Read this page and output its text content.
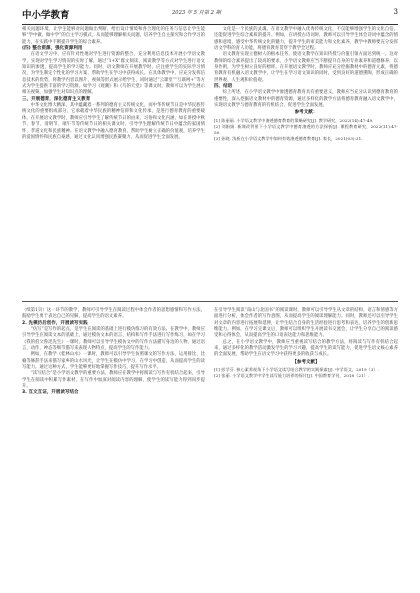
中小学教育	2023 年 5 月第 2 期	3

相关问题环境，让学生能够对问题做出判断，给出设计情境和各合理化的任务与信息让学生能够“学中做，做中学”的自主学习模式，从而能够理解相关问题，培养学生自主探究和合作学习的能力，在实践中不断提升学生的综合素养。

(四) 整合资源，强化资源利用

在语文学习中，应有针对性地对学生进行资源的整合，充分利用信息技术开展小学语文教学，实现对学生学习情况的实时了解，通过“1+X”群文阅读、阅读教学等方式对学生进行语文知识的渗透，提高学生的学习能力。同时，语文教师在开展教学时，应注重学生的实际学习情况，为学生制定个性化的学习方案，帮助学生在学习中获得成长。在具体教学中，应充分发挥信息技术的优势，将教学内容以图片、视频等形式展示给学生，同时通过“云课堂”“互联网+”等方式为学生提供丰富的学习资源，如学习《观潮》和《鸟的天堂》等课文时，教师可以为学生展示相关视频，加强学生对知识点的理解。

三、开展德育，深化德育主义教育

中华文化博大精深，其中蕴藏着一系列的德育主义传统文化，而中华传统节日是中华民族传统文化的重要组成部分，它承载着中华民族的精神信仰和文化传承，是进行德育教育的重要载体。在开展语文教学时，教师应引导学生了解传统节日的由来、习俗和文化内涵，如在讲授中秋节、春节、清明节、端午节等传统节日的相关课文时，引导学生理解传统节日中蕴含的家国情怀、孝道文化和民族精神。在语文教学中融入德育教育，帮助学生树立正确的价值观，培养学生的爱国情怀和民族自豪感，通过文化认同增强民族凝聚力，从而促进学生全面发展。

文化是一个民族的灵魂，在语文教学中融入优秀传统文化，不仅能够增强学生的文化自信，还能促进学生综合素质的提升。例如，在讲授古诗词时，教师可以引导学生体会诗词中蕴含的情感和意境，感受中华传统文化的魅力，提升学生的审美能力和文化素养，教学中教师要充分发挥语文学科的育人功能，将德育教育贯穿于教学全过程。

语文教育实现立德树人的根本任务，使语文教学在知识传授与价值引领方面达到统一，这对教师的综合素养提出了较高的要求，小学语文教师应当不断提升自身的专业素养和道德修养，以身作则，为学生树立良好的榜样。在开展语文教学时，教师应充分挖掘教材中的德育元素，将德育教育有机融入语文教学中，让学生在学习语文知识的同时，受到良好的道德熏陶，形成正确的世界观、人生观和价值观。

四、结语

综上所述，在小学语文教学中渗透德育教育具有重要意义，教师应当充分认识到德育教育的重要性，深入挖掘语文教材中的德育资源，通过多样化的教学方法将德育教育融入语文教学中，实现语文教学与德育教育的有机结合，促进学生全面发展。

参考文献：

[1] 陈丽丽. 小学语文教学中渗透德育教育的策略研究[J]. 教学研究，2022(14):47-49.

[2] 刘娟娟. 新课改背景下小学语文教学中德育渗透的方法探析[J]. 课程教育研究，2022(11):47-50.

[3] 孙晓. 浅析在小学语文教学中如何有效渗透德育教育[J]. 家长，2021(03):31.

（续第1页）这一环节的教学，教师可引导学生在阅读过程中体会作者的思想感情和写作方法，鼓励学生勇于表达自己的见解，提高学生的语文素养。

2. 先模仿后创作，开展读写实践

“仿写”是写作的起点，是学生在阅读的基础上进行模仿练习的有效方法。在教学中，教师应引导学生在阅读文本的基础上，通过模仿文本的语言、结构和写作手法进行写作练习，如在学习《我的伯父鲁迅先生》一课时，教师可以引导学生模仿文中的写作方法描写身边的人物，通过语言、动作、神态等细节描写来表现人物特点，提高学生的写作能力。

例如，在教学《桂林山水》一课时，教师可以引导学生仿照课文的写作方法，运用排比、比喻等修辞手法来描写家乡的山水风光，让学生在模仿中学习，在学习中创造，从而提高学生的读写能力。通过这种方式，学生能够更好地掌握写作技巧，提升写作水平。

“读写结合”是小学语文教学的重要方法，教师应在教学中将阅读与写作有机结合起来，引导学生在阅读中积累写作素材，在写作中加深对阅读内容的理解，使学生的读写能力得到同步提升。

3. 互文互证，开展读写结合

在引导学生阅读“南山与北国书”的阅读课时，教师可以引导学生从文章的结构、语言和情感等方面进行分析，体会作者的写作意图，从而提高学生的阅读理解能力。同时，教师还可以引导学生对文章的内容进行拓展和延伸，让学生结合自身的生活经验进行思考和表达，培养学生的创新思维能力。例如，在学习完课文后，教师可以组织学生开展读书交流会，让学生分享自己的阅读感受和心得体会，从而提高学生的口语表达能力和思维能力。

总之，在小学语文教学中，教师应当重视读写结合的教学方法，将阅读与写作有机结合起来，通过多样化的教学活动激发学生的学习兴趣，提高学生的读写能力，促进学生语文核心素养的全面发展，帮助学生在语文学习中获得更多的收获与成长。

【参考文献】

[1] 彭学芬. 核心素养视角下小学语文读写结合教学的实践探索[J]. 中学语文，2019（3）.

[2] 张丽. 小学语文教学中学生读写能力培养的探讨[J]. 中国教育学刊，2018（21）.
